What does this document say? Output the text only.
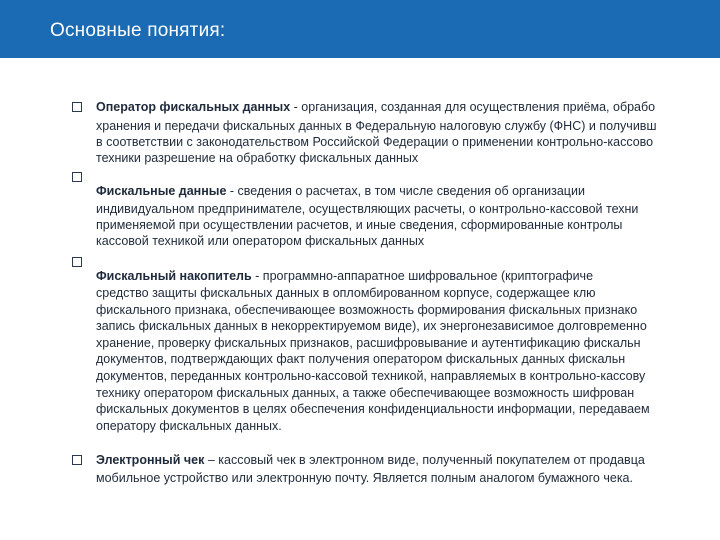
Основные понятия:
Оператор фискальных данных - организация, созданная для осуществления приёма, обрабо
хранения и передачи фискальных данных в Федеральную налоговую службу (ФНС) и получивш
в соответствии с законодательством Российской Федерации о применении контрольно-кассово
техники разрешение на обработку фискальных данных
Фискальные данные - сведения о расчетах, в том числе сведения об организации
индивидуальном предпринимателе, осуществляющих расчеты, о контрольно-кассовой техни
применяемой при осуществлении расчетов, и иные сведения, сформированные контролы
кассовой техникой или оператором фискальных данных
Фискальный накопитель - программно-аппаратное шифровальное (криптографиче
средство защиты фискальных данных в опломбированном корпусе, содержащее клю
фискального признака, обеспечивающее возможность формирования фискальных признако
запись фискальных данных в некорректируемом виде), их энергонезависимое долговременно
хранение, проверку фискальных признаков, расшифровывание и аутентификацию фискальн
документов, подтверждающих факт получения оператором фискальных данных фискальн
документов, переданных контрольно-кассовой техникой, направляемых в контрольно-кассову
технику оператором фискальных данных, а также обеспечивающее возможность шифрован
фискальных документов в целях обеспечения конфиденциальности информации, передаваем
оператору фискальных данных.
Электронный чек – кассовый чек в электронном виде, полученный покупателем от продавца
мобильное устройство или электронную почту. Является полным аналогом бумажного чека.
